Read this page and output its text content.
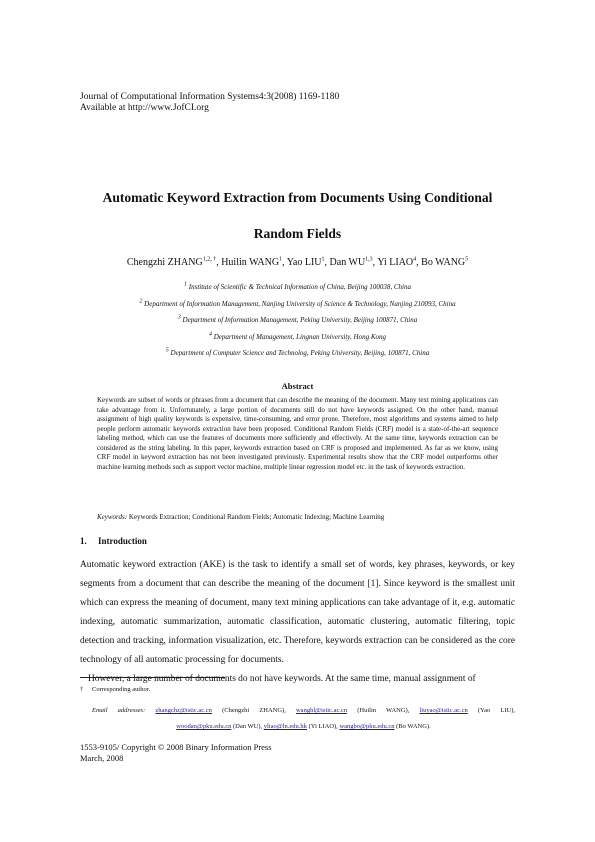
Journal of Computational Information Systems4:3(2008) 1169-1180
Available at http://www.JofCI.org
Automatic Keyword Extraction from Documents Using Conditional
Random Fields
Chengzhi $ZHANG^{1,2, \dagger}$, Huilin WANG$^1$, Yao LIU$^1$, Dan WU$^{1,3}$, Yi LIAO$^4$, Bo WANG$^5$
$^1$ Institute of Scientific & Technical Information of China, Beijing 100038, China
$^2$ Department of Information Management, Nanjing University of Science & Technology, Nanjing 210093, China
$^3$ Department of Information Management, Peking University, Beijing 100871, China
$^4$ Department of Management, Lingnan University, Hong Kong
$^5$ Department of Computer Science and Technolog, Peking University, Beijing, 100871, China
Abstract
Keywords are subset of words or phrases from a document that can describe the meaning of the document. Many text mining applications can take advantage from it. Unfortunately, a large portion of documents still do not have keywords assigned. On the other hand, manual assignment of high quality keywords is expensive, time-consuming, and error prone. Therefore, most algorithms and systems aimed to help people perform automatic keywords extraction have been proposed. Conditional Random Fields (CRF) model is a state-of-the-art sequence labeling method, which can use the features of documents more sufficiently and effectively. At the same time, keywords extraction can be considered as the string labeling. In this paper, keywords extraction based on CRF is proposed and implemented. As far as we know, using CRF model in keyword extraction has not been investigated previously. Experimental results show that the CRF model outperforms other machine learning methods such as support vector machine, multiple linear regression model etc. in the task of keywords extraction.
Keywords: Keywords Extraction; Conditional Random Fields; Automatic Indexing; Machine Learning
1. Introduction

Automatic keyword extraction (AKE) is the task to identify a small set of words, key phrases, keywords, or key segments from a document that can describe the meaning of the document [1]. Since keyword is the smallest unit which can express the meaning of document, many text mining applications can take advantage of it, e.g. automatic indexing, automatic summarization, automatic classification, automatic clustering, automatic filtering, topic detection and tracking, information visualization, etc. Therefore, keywords extraction can be considered as the core technology of all automatic processing for documents.

However, a large number of documents do not have keywords. At the same time, manual assignment of

† Corresponding author.
Email addresses: zhangchz@istic.ac.cn (Chengzhi ZHANG), wanghl@istic.ac.cn (Huilin WANG), liuyao@istic.ac.cn (Yao LIU),
woodan@pku.edu.cn (Dan WU), yliao@ln.edu.hk (Yi LIAO), wangbo@pku.edu.cn (Bo WANG).
1553-9105/ Copyright © 2008 Binary Information Press
March, 2008
